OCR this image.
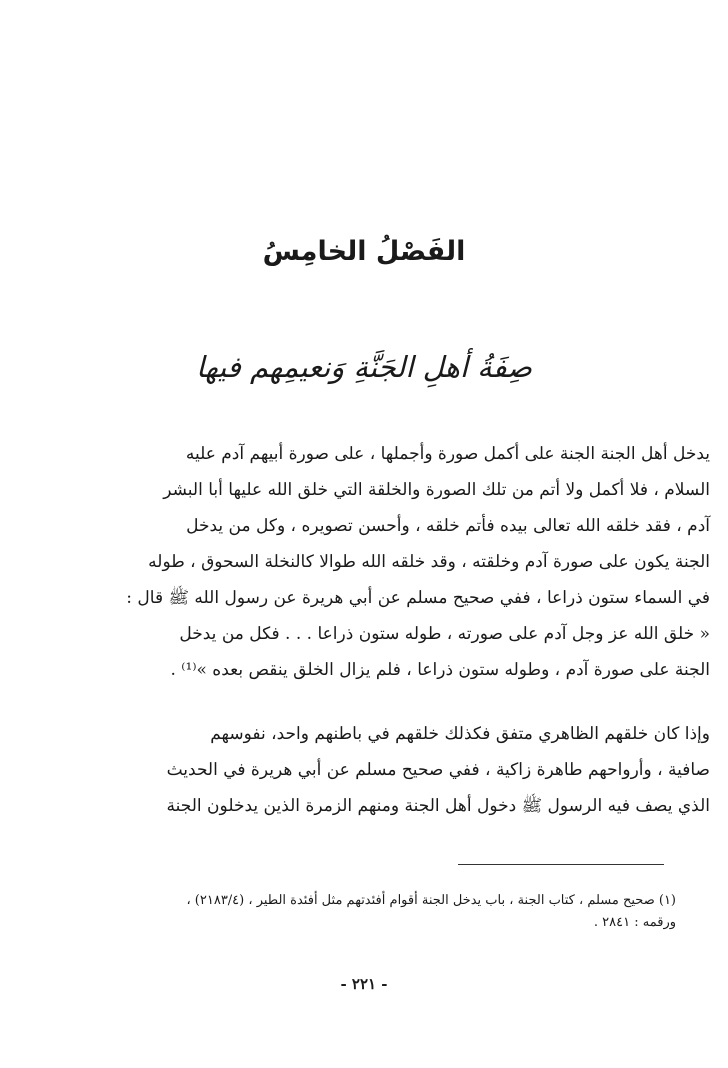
الفَصْلُ الخامِسُ
صِفَةُ أهلِ الجَنَّةِ وَنعيمِهم فيها
يدخل أهل الجنة الجنة على أكمل صورة وأجملها ، على صورة أبيهم آدم عليه
السلام ، فلا أكمل ولا أتم من تلك الصورة والخلقة التي خلق الله عليها أبا البشر
آدم ، فقد خلقه الله تعالى بيده فأتم خلقه ، وأحسن تصويره ، وكل من يدخل
الجنة يكون على صورة آدم وخلقته ، وقد خلقه الله طوالا كالنخلة السحوق ، طوله
في السماء ستون ذراعا ، ففي صحيح مسلم عن أبي هريرة عن رسول الله ﷺ قال :
« خلق الله عز وجل آدم على صورته ، طوله ستون ذراعا . . . فكل من يدخل
الجنة على صورة آدم ، وطوله ستون ذراعا ، فلم يزال الخلق ينقص بعده »⁽¹⁾ .
وإذا كان خلقهم الظاهري متفق فكذلك خلقهم في باطنهم واحد، نفوسهم
صافية ، وأرواحهم طاهرة زاكية ، ففي صحيح مسلم عن أبي هريرة في الحديث
الذي يصف فيه الرسول ﷺ دخول أهل الجنة ومنهم الزمرة الذين يدخلون الجنة
(١) صحيح مسلم ، كتاب الجنة ، باب يدخل الجنة أقوام أفئدتهم مثل أفئدة الطير ، (٢١٨٣/٤) ،
ورقمه : ٢٨٤١ .
- ٢٢١ -
